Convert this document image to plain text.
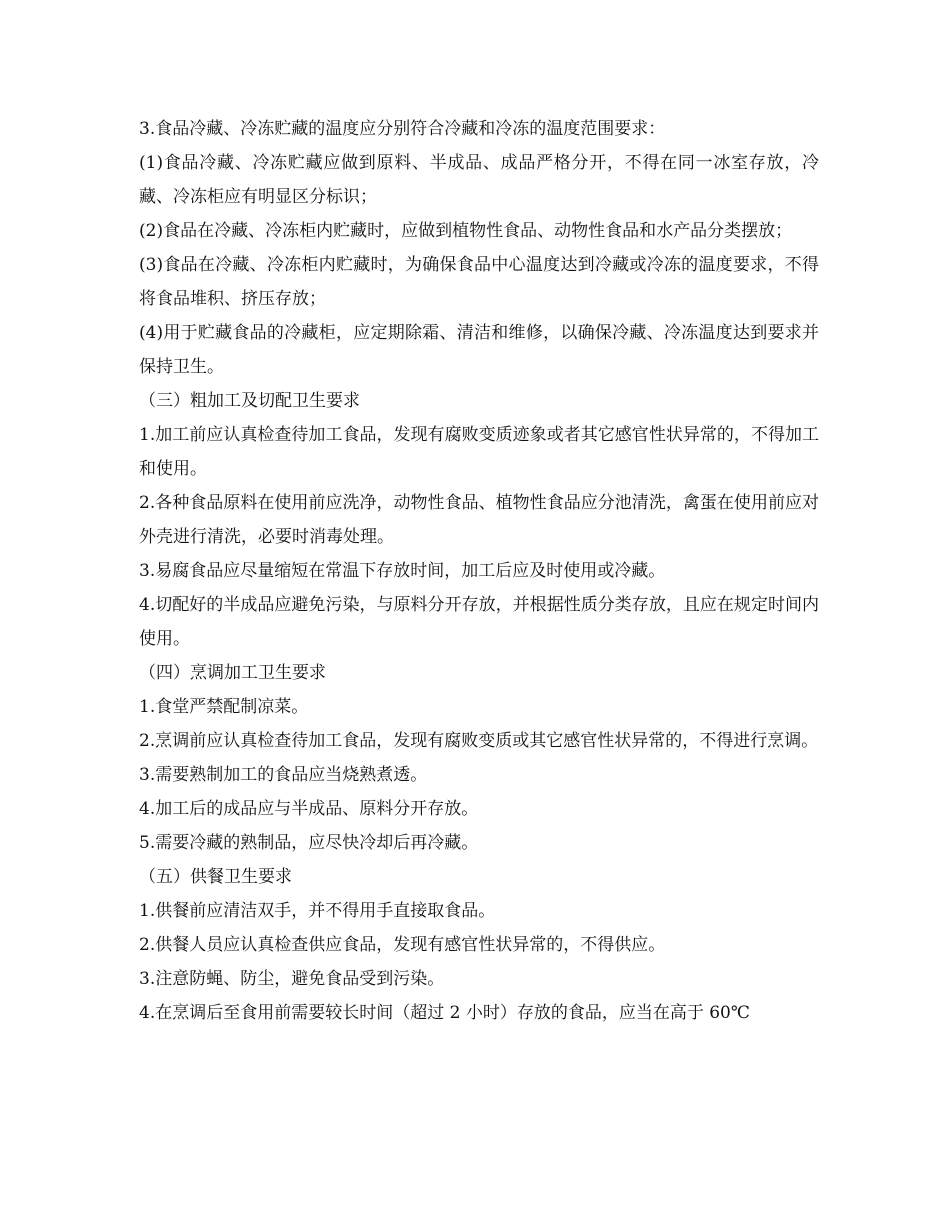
3.食品冷藏、冷冻贮藏的温度应分别符合冷藏和冷冻的温度范围要求：

(1)食品冷藏、冷冻贮藏应做到原料、半成品、成品严格分开，不得在同一冰室存放，冷藏、冷冻柜应有明显区分标识；

(2)食品在冷藏、冷冻柜内贮藏时，应做到植物性食品、动物性食品和水产品分类摆放；

(3)食品在冷藏、冷冻柜内贮藏时，为确保食品中心温度达到冷藏或冷冻的温度要求，不得将食品堆积、挤压存放；

(4)用于贮藏食品的冷藏柜，应定期除霜、清洁和维修，以确保冷藏、冷冻温度达到要求并保持卫生。

（三）粗加工及切配卫生要求

1.加工前应认真检查待加工食品，发现有腐败变质迹象或者其它感官性状异常的，不得加工和使用。

2.各种食品原料在使用前应洗净，动物性食品、植物性食品应分池清洗，禽蛋在使用前应对外壳进行清洗，必要时消毒处理。

3.易腐食品应尽量缩短在常温下存放时间，加工后应及时使用或冷藏。

4.切配好的半成品应避免污染，与原料分开存放，并根据性质分类存放，且应在规定时间内使用。

（四）烹调加工卫生要求

1.食堂严禁配制凉菜。

2.烹调前应认真检查待加工食品，发现有腐败变质或其它感官性状异常的，不得进行烹调。

3.需要熟制加工的食品应当烧熟煮透。

4.加工后的成品应与半成品、原料分开存放。

5.需要冷藏的熟制品，应尽快冷却后再冷藏。

（五）供餐卫生要求

1.供餐前应清洁双手，并不得用手直接取食品。

2.供餐人员应认真检查供应食品，发现有感官性状异常的，不得供应。

3.注意防蝇、防尘，避免食品受到污染。

4.在烹调后至食用前需要较长时间（超过 2 小时）存放的食品，应当在高于 60℃
